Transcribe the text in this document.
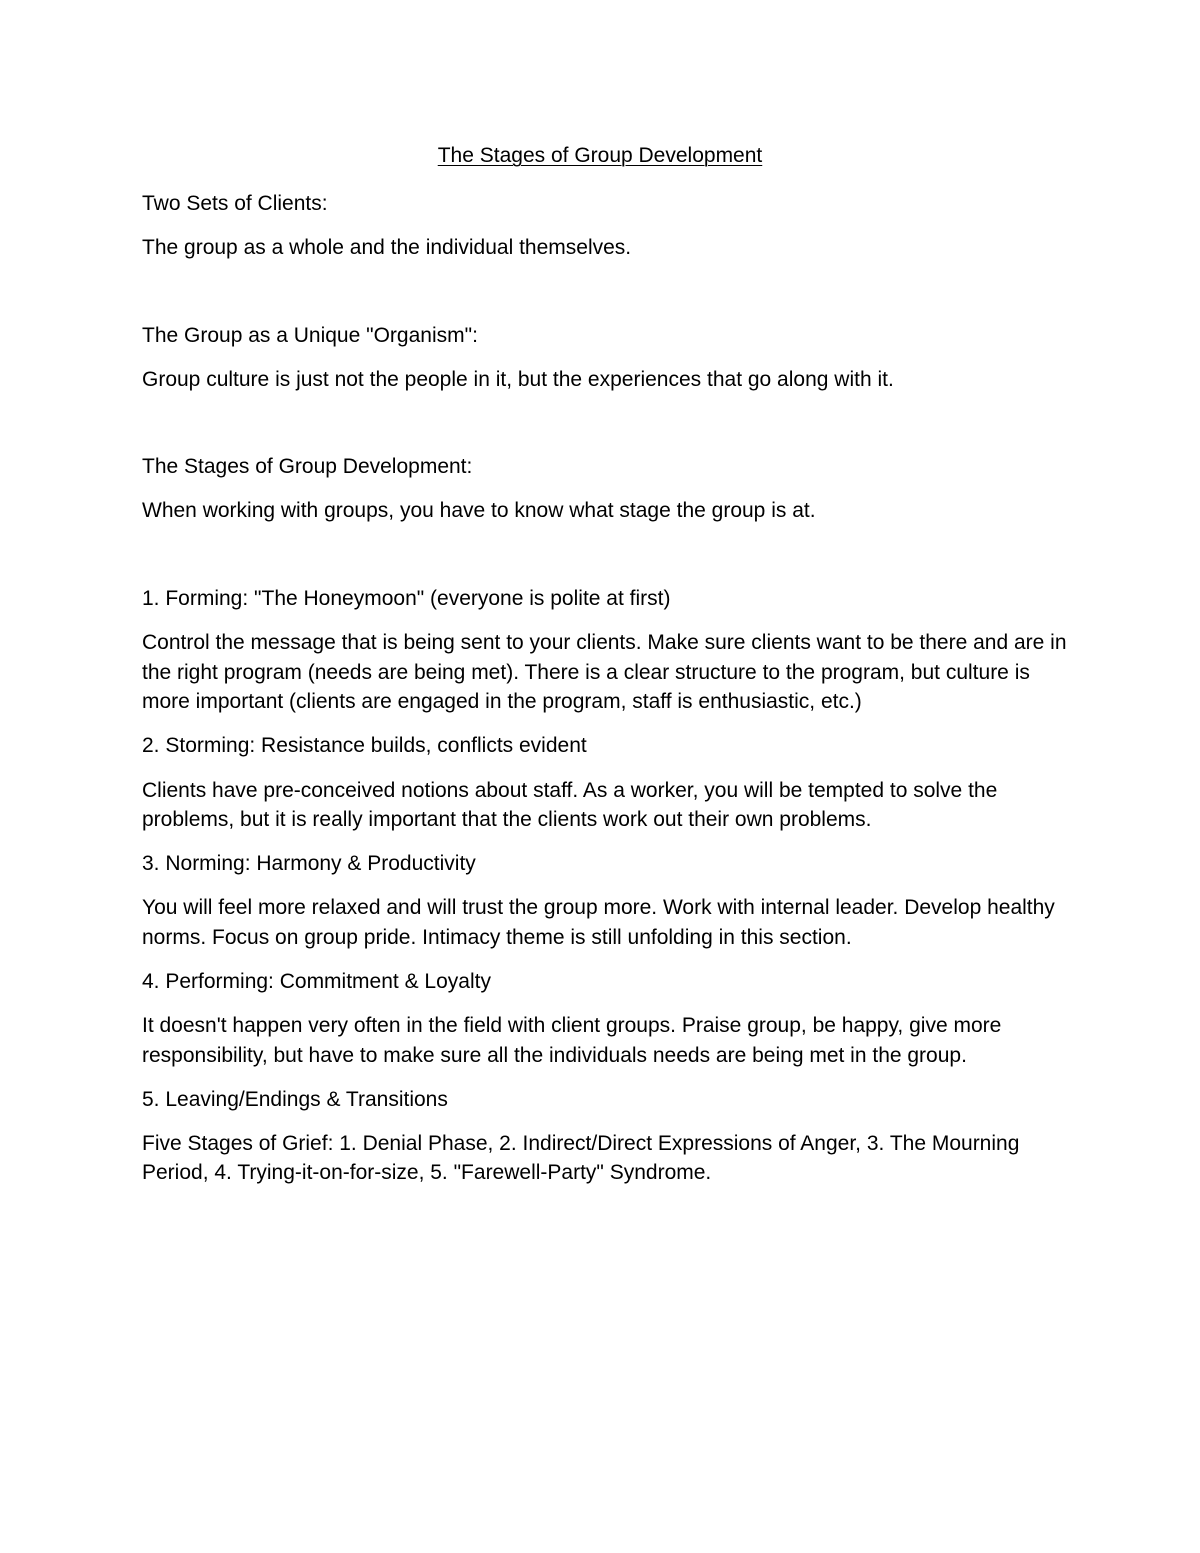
The Stages of Group Development

Two Sets of Clients:

The group as a whole and the individual themselves.

The Group as a Unique "Organism":

Group culture is just not the people in it, but the experiences that go along with it.

The Stages of Group Development:

When working with groups, you have to know what stage the group is at.

1. Forming: "The Honeymoon" (everyone is polite at first)

Control the message that is being sent to your clients. Make sure clients want to be there and are in the right program (needs are being met). There is a clear structure to the program, but culture is more important (clients are engaged in the program, staff is enthusiastic, etc.)

2. Storming: Resistance builds, conflicts evident

Clients have pre-conceived notions about staff. As a worker, you will be tempted to solve the problems, but it is really important that the clients work out their own problems.

3. Norming: Harmony & Productivity

You will feel more relaxed and will trust the group more. Work with internal leader. Develop healthy norms. Focus on group pride. Intimacy theme is still unfolding in this section.

4. Performing: Commitment & Loyalty

It doesn't happen very often in the field with client groups. Praise group, be happy, give more responsibility, but have to make sure all the individuals needs are being met in the group.

5. Leaving/Endings & Transitions

Five Stages of Grief: 1. Denial Phase, 2. Indirect/Direct Expressions of Anger, 3. The Mourning Period, 4. Trying-it-on-for-size, 5. "Farewell-Party" Syndrome.
